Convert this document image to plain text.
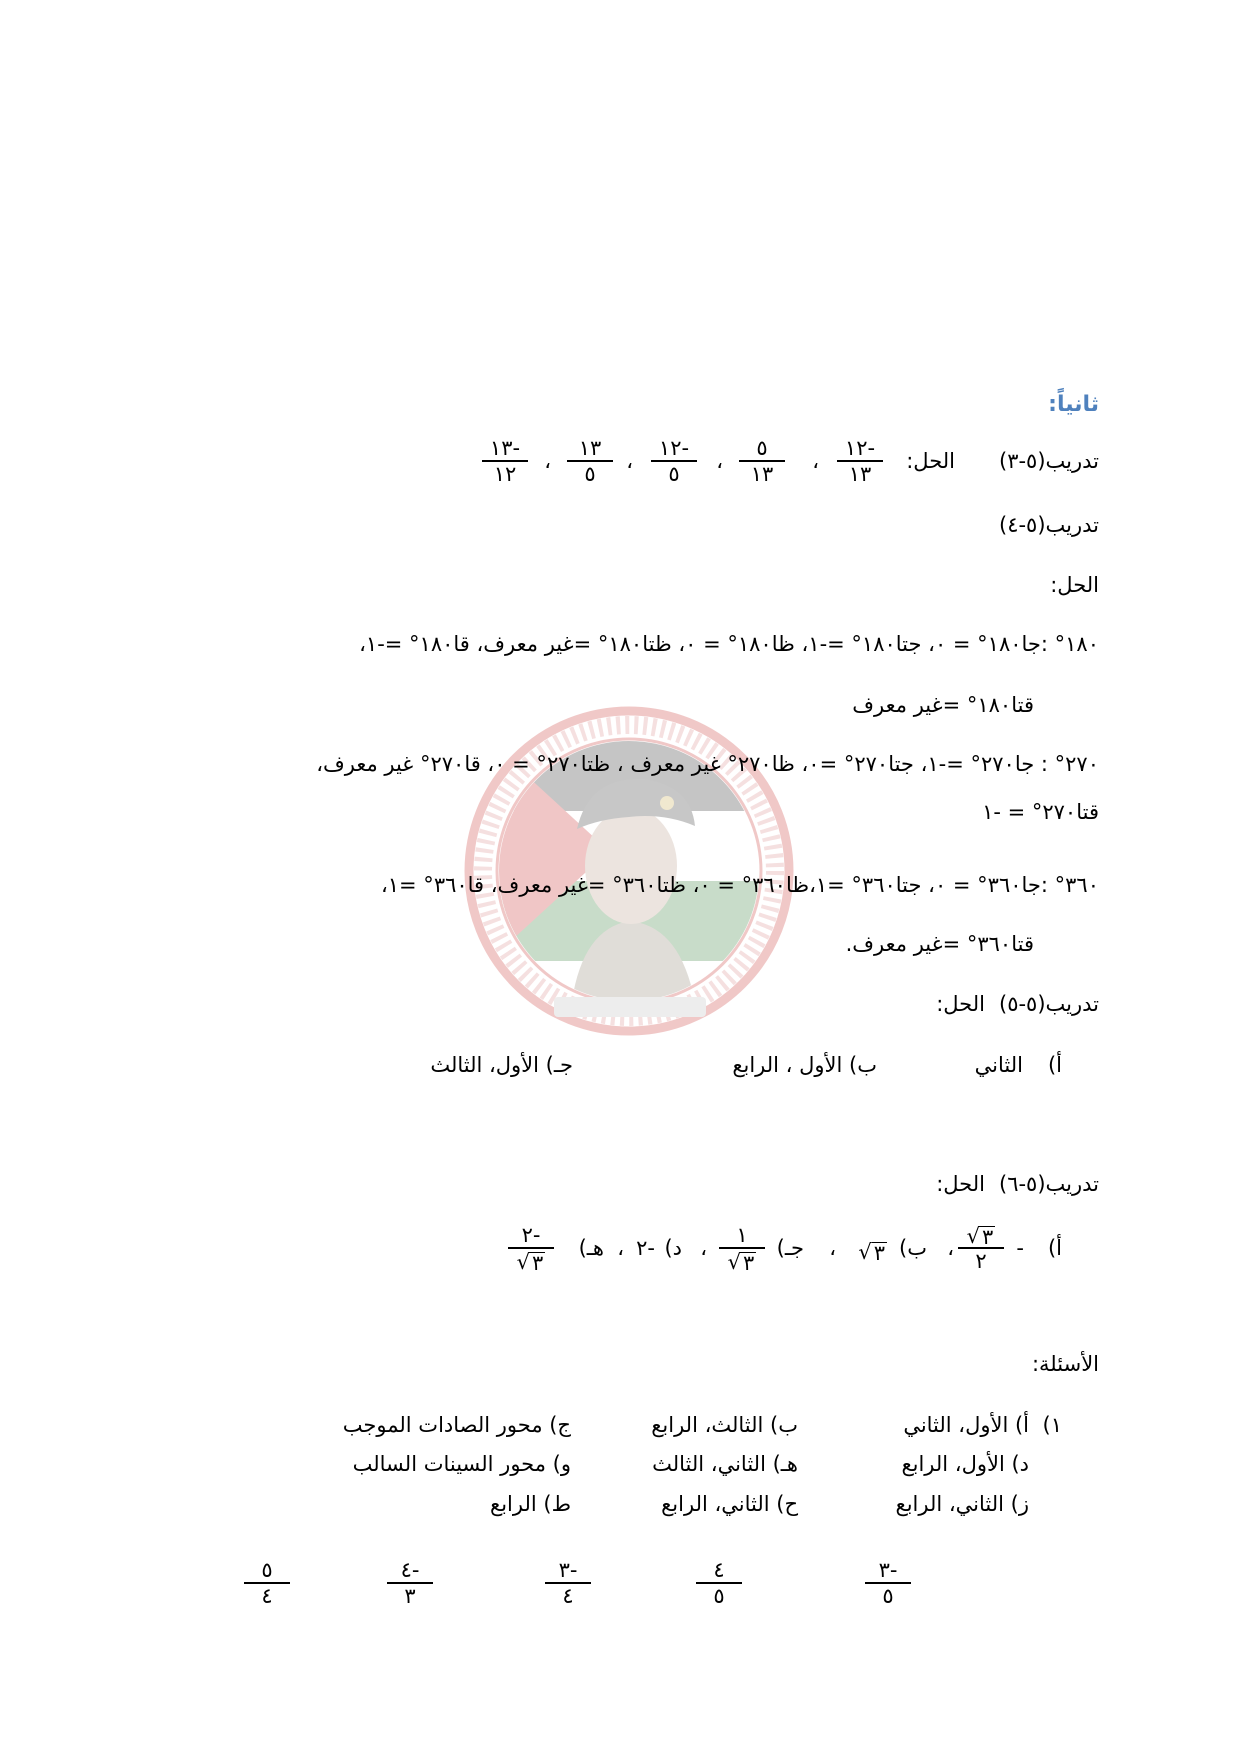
ثانياً:
تدريب(٥-٣)
الحل:
-١٢
١٣
،
٥
١٣
،
-١٢
٥
،
١٣
٥
،
-١٣
١٢
تدريب(٥-٤)
الحل:
١٨٠° :جا١٨٠° = ٠، جتا١٨٠° =-١، ظا١٨٠° = ٠، ظتا١٨٠° =غير معرف، قا١٨٠° =-١،
قتا١٨٠° =غير معرف
٢٧٠° : جا٢٧٠° =-١، جتا٢٧٠° =٠، ظا٢٧٠° غير معرف ، ظتا٢٧٠° = ٠، قا٢٧٠° غير معرف،
قتا٢٧٠° = -١
٣٦٠° :جا٣٦٠° = ٠، جتا٣٦٠° =١،ظا٣٦٠° = ٠، ظتا٣٦٠° =غير معرف، قا٣٦٠° =١،
قتا٣٦٠° =غير معرف.
تدريب(٥-٥)الحل:
أ)
الثاني
ب) الأول ، الرابع
جـ) الأول، الثالث
تدريب(٥-٦)الحل:
أ)
-
√ ٣
٢
،
ب)
√ ٣
،
جـ)
١
√ ٣
،
د)
-٢
،
هـ)
-٢
√ ٣
الأسئلة:
١)
أ) الأول، الثاني
ب) الثالث، الرابع
ج) محور الصادات الموجب
د) الأول، الرابع
هـ) الثاني، الثالث
و) محور السينات السالب
ز) الثاني، الرابع
ح) الثاني، الرابع
ط) الرابع
-٣
٥
٤
٥
-٣
٤
-٤
٣
٥
٤
